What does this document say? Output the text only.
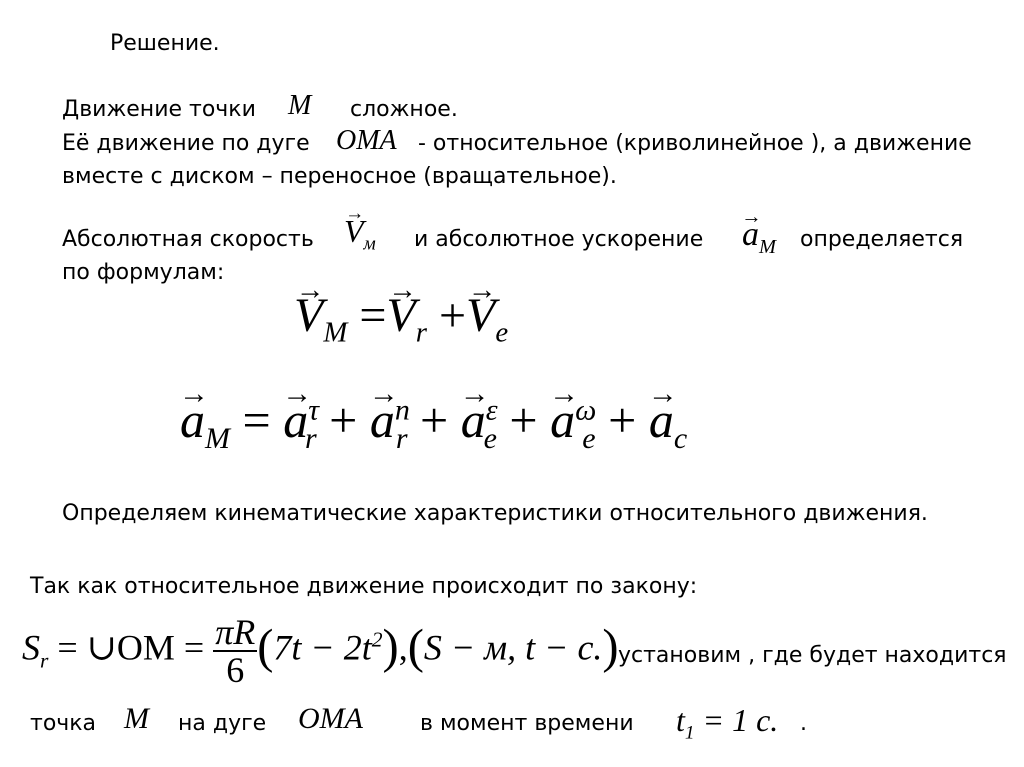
Решение.
Движение точки M сложное.
Её движение по дуге OMA - относительное (криволинейное ), а движение
вместе с диском – переносное (вращательное).
Абсолютная скорость → $V_м$ и абсолютное ускорение → $a_M$ определяется
по формулам:
→ $V_M =\to V_r +\to V_e$
→ $a_M$ = → $a^\tau_r$ + → $a^n_r$ + → $a^\varepsilon_e$ + → $a^\omega_e$ + → $a_c$
Определяем кинематические характеристики относительного движения.
Так как относительное движение происходит по закону:
$S_r$ = ∪OM = $\frac{\pi R}{6} (7t - 2t^2),(S - м$, t − c.) установим , где будет находится
точка M на дуге OMA	в момент времени $t_1 = 1$ c. .
